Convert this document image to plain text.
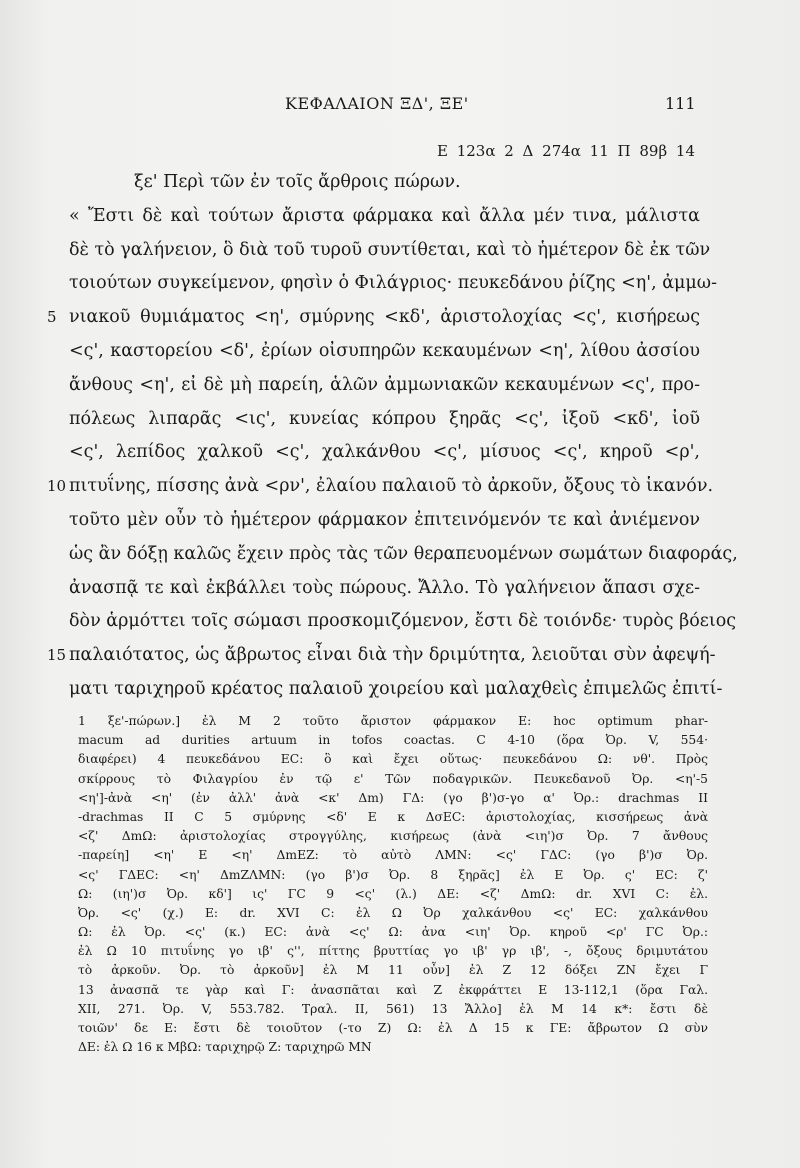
ΚΕΦΑΛΑΙΟΝ ΞΔ', ΞΕ'	111
E 123α 2 Δ 274α 11 Π 89β 14
ξε' Περὶ τῶν ἐν τοῖς ἄρθροις πώρων.
« Ἔστι δὲ καὶ τούτων ἄριστα φάρμακα καὶ ἄλλα μέν τινα, μάλιστα
δὲ τὸ γαλήνειον, ὃ διὰ τοῦ τυροῦ συντίθεται, καὶ τὸ ἡμέτερον δὲ ἐκ τῶν
τοιούτων συγκείμενον, φησὶν ὁ Φιλάγριος· πευκεδάνου ῥίζης <η', ἀμμω-
5 νιακοῦ θυμιάματος <η', σμύρνης <κδ', ἀριστολοχίας <ς', κισήρεως
<ς', καστορείου <δ', ἐρίων οἰσυπηρῶν κεκαυμένων <η', λίθου ἀσσίου
ἄνθους <η', εἰ δὲ μὴ παρείη, ἁλῶν ἀμμωνιακῶν κεκαυμένων <ς', προ-
πόλεως λιπαρᾶς <ις', κυνείας κόπρου ξηρᾶς <ς', ἰξοῦ <κδ', ἰοῦ
<ς', λεπίδος χαλκοῦ <ς', χαλκάνθου <ς', μίσυος <ς', κηροῦ <ρ',
10 πιτυΐνης, πίσσης ἀνὰ <ρν', ἐλαίου παλαιοῦ τὸ ἀρκοῦν, ὄξους τὸ ἱκανόν.
τοῦτο μὲν οὖν τὸ ἡμέτερον φάρμακον ἐπιτεινόμενόν τε καὶ ἀνιέμενον
ὡς ἂν δόξῃ καλῶς ἔχειν πρὸς τὰς τῶν θεραπευομένων σωμάτων διαφοράς,
ἀνασπᾷ τε καὶ ἐκβάλλει τοὺς πώρους. Ἄλλο. Τὸ γαλήνειον ἅπασι σχε-
δὸν ἁρμόττει τοῖς σώμασι προσκομιζόμενον, ἔστι δὲ τοιόνδε· τυρὸς βόειος
15 παλαιότατος, ὡς ἄβρωτος εἶναι διὰ τὴν δριμύτητα, λειοῦται σὺν ἀφεψή-
ματι ταριχηροῦ κρέατος παλαιοῦ χοιρείου καὶ μαλαχθεὶς ἐπιμελῶς ἐπιτί-
1 ξε'-πώρων.] ἐλ M 2 τοῦτο ἄριστον φάρμακον E: hoc optimum phar-
macum ad durities artuum in tofos coactas. C 4-10 (ὅρα Ὀρ. V, 554·
διαφέρει) 4 πευκεδάνου EC: ὃ καὶ ἔχει οὕτως· πευκεδάνου Ω: νθ'. Πρὸς
σκίρρους τὸ Φιλαγρίου ἐν τῷ ε' Τῶν ποδαγρικῶν. Πευκεδανοῦ Ὀρ. <η'-5
<η']-ἀνὰ <η' (ἐν ἀλλ' ἀνὰ <κ' Δm) ΓΔ: (γο β')σ-γο α' Ὀρ.: drachmas II
-drachmas II C 5 σμύρνης <δ' E κ ΔσEC: ἀριστολοχίας, κισσήρεως ἀνὰ
<ζ' ΔmΩ: ἀριστολοχίας στρογγύλης, κισήρεως (ἀνὰ <ιη')σ Ὀρ. 7 ἄνθους
-παρείη] <η' E <η' ΔmEZ: τὸ αὐτὸ ΛΜΝ: <ς' ΓΔC: (γο β')σ Ὀρ.
<ς' ΓΔEC: <η' ΔmZΛΜΝ: (γο β')σ Ὀρ. 8 ξηρᾶς] ἐλ E Ὀρ. ς' EC: ζ'
Ω: (ιη')σ Ὀρ. κδ'] ις' ΓC 9 <ς' (λ.) ΔE: <ζ' ΔmΩ: dr. XVI C: ἐλ.
Ὀρ. <ς' (χ.) E: dr. XVI C: ἐλ Ω Ὀρ χαλκάνθου <ς' EC: χαλκάνθου
Ω: ἐλ Ὀρ. <ς' (κ.) EC: ἀνὰ <ς' Ω: ἀνα <ιη' Ὀρ. κηροῦ <ρ' ΓC Ὀρ.:
ἐλ Ω 10 πιτυΐνης γο ιβ' ς'', πίττης βρυττίας γο ιβ' γρ ιβ', -, ὄξους δριμυτάτου
τὸ ἀρκοῦν. Ὀρ. τὸ ἀρκοῦν] ἐλ M 11 οὖν] ἐλ Z 12 δόξει ZN ἔχει Γ
13 ἀνασπᾶ τε γὰρ καὶ Γ: ἀνασπᾶται καὶ Z ἐκφράττει E 13-112,1 (ὅρα Γαλ.
XII, 271. Ὀρ. V, 553.782. Τραλ. II, 561) 13 Ἄλλο] ἐλ M 14 κ*: ἔστι δὲ
τοιῶν' δε E: ἔστι δὲ τοιοῦτον (-το Z) Ω: ἐλ Δ 15 κ ΓE: ἄβρωτον Ω σὺν
ΔE: ἐλ Ω 16 κ MβΩ: ταριχηρῷ Z: ταριχηρῶ ΜΝ
